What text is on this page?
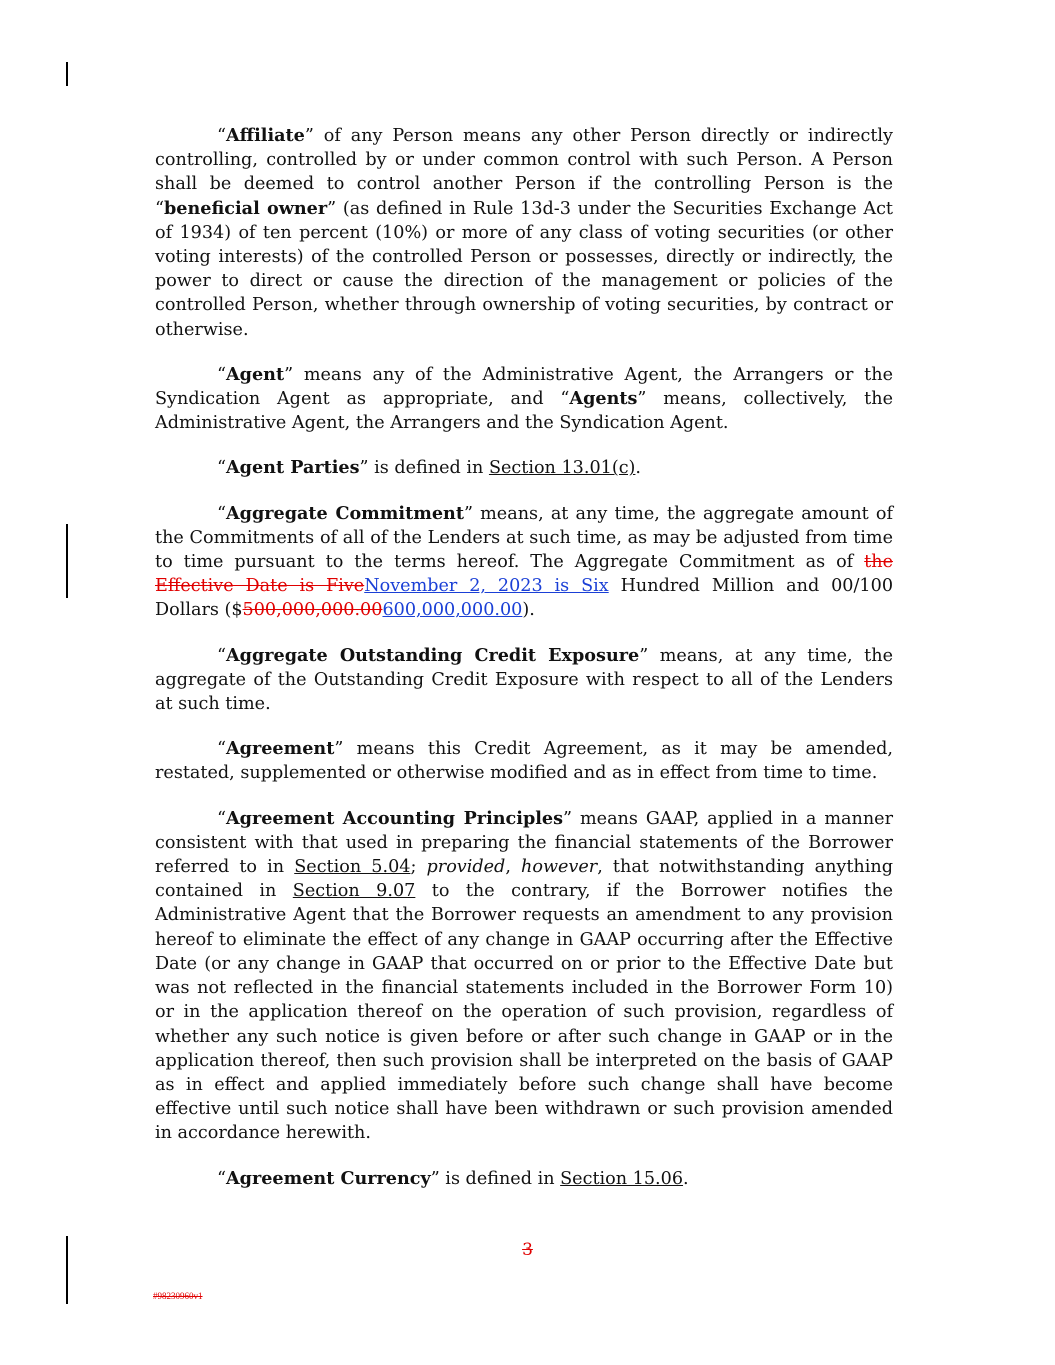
“Affiliate” of any Person means any other Person directly or indirectly controlling, controlled by or under common control with such Person. A Person shall be deemed to control another Person if the controlling Person is the “beneficial owner” (as defined in Rule 13d-3 under the Securities Exchange Act of 1934) of ten percent (10%) or more of any class of voting securities (or other voting interests) of the controlled Person or possesses, directly or indirectly, the power to direct or cause the direction of the management or policies of the controlled Person, whether through ownership of voting securities, by contract or otherwise.

“Agent” means any of the Administrative Agent, the Arrangers or the Syndication Agent as appropriate, and “Agents” means, collectively, the Administrative Agent, the Arrangers and the Syndication Agent.

“Agent Parties” is defined in Section 13.01(c).

“Aggregate Commitment” means, at any time, the aggregate amount of the Commitments of all of the Lenders at such time, as may be adjusted from time to time pursuant to the terms hereof. The Aggregate Commitment as of the Effective Date is FiveNovember 2, 2023 is Six Hundred Million and 00/100 Dollars ($500,000,000.00600,000,000.00).

“Aggregate Outstanding Credit Exposure” means, at any time, the aggregate of the Outstanding Credit Exposure with respect to all of the Lenders at such time.

“Agreement” means this Credit Agreement, as it may be amended, restated, supplemented or otherwise modified and as in effect from time to time.

“Agreement Accounting Principles” means GAAP, applied in a manner consistent with that used in preparing the financial statements of the Borrower referred to in Section 5.04; provided, however, that notwithstanding anything contained in Section 9.07 to the contrary, if the Borrower notifies the Administrative Agent that the Borrower requests an amendment to any provision hereof to eliminate the effect of any change in GAAP occurring after the Effective Date (or any change in GAAP that occurred on or prior to the Effective Date but was not reflected in the financial statements included in the Borrower Form 10) or in the application thereof on the operation of such provision, regardless of whether any such notice is given before or after such change in GAAP or in the application thereof, then such provision shall be interpreted on the basis of GAAP as in effect and applied immediately before such change shall have become effective until such notice shall have been withdrawn or such provision amended in accordance herewith.

“Agreement Currency” is defined in Section 15.06.

3
#98230960v1
